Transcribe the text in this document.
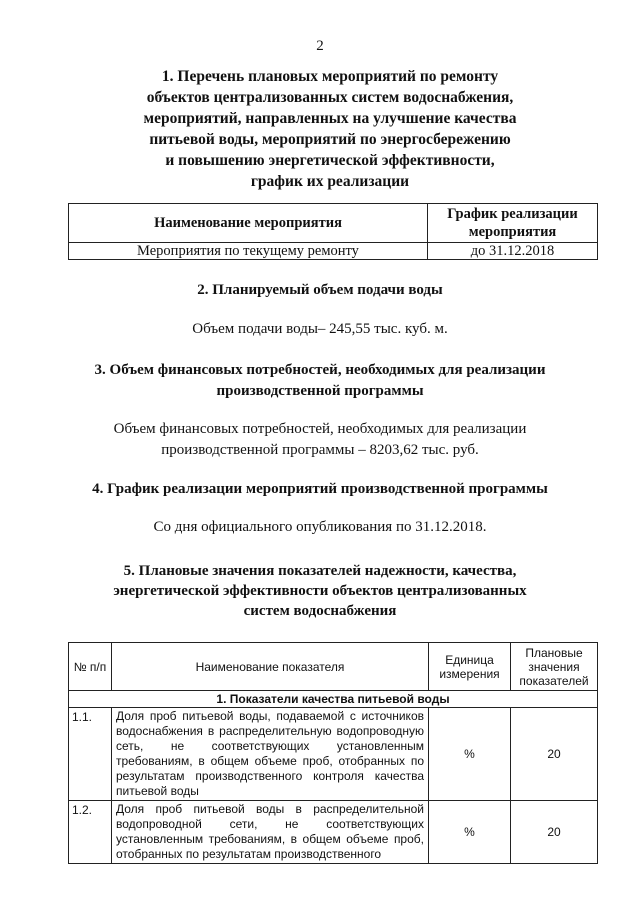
2
1. Перечень плановых мероприятий по ремонту
объектов централизованных систем водоснабжения,
мероприятий, направленных на улучшение качества
питьевой воды, мероприятий по энергосбережению
и повышению энергетической эффективности,
график их реализации
Наименование мероприятия	График реализации мероприятия
Мероприятия по текущему ремонту	до 31.12.2018
2. Планируемый объем подачи воды
Объем подачи воды– 245,55 тыс. куб. м.
3. Объем финансовых потребностей, необходимых для реализации
производственной программы
Объем финансовых потребностей, необходимых для реализации
производственной программы – 8203,62 тыс. руб.
4. График реализации мероприятий производственной программы
Со дня официального опубликования по 31.12.2018.
5. Плановые значения показателей надежности, качества,
энергетической эффективности объектов централизованных
систем водоснабжения
№ п/п	Наименование показателя	Единица измерения	Плановые значения показателей
1. Показатели качества питьевой воды			
1.1.	Доля проб питьевой воды, подаваемой с источников водоснабжения в распределительную водопроводную сеть, не соответствующих установленным требованиям, в общем объеме проб, отобранных по результатам производственного контроля качества питьевой воды	%	20
1.2.	Доля проб питьевой воды в распределительной водопроводной сети, не соответствующих установленным требованиям, в общем объеме проб, отобранных по результатам производственного	%	20
